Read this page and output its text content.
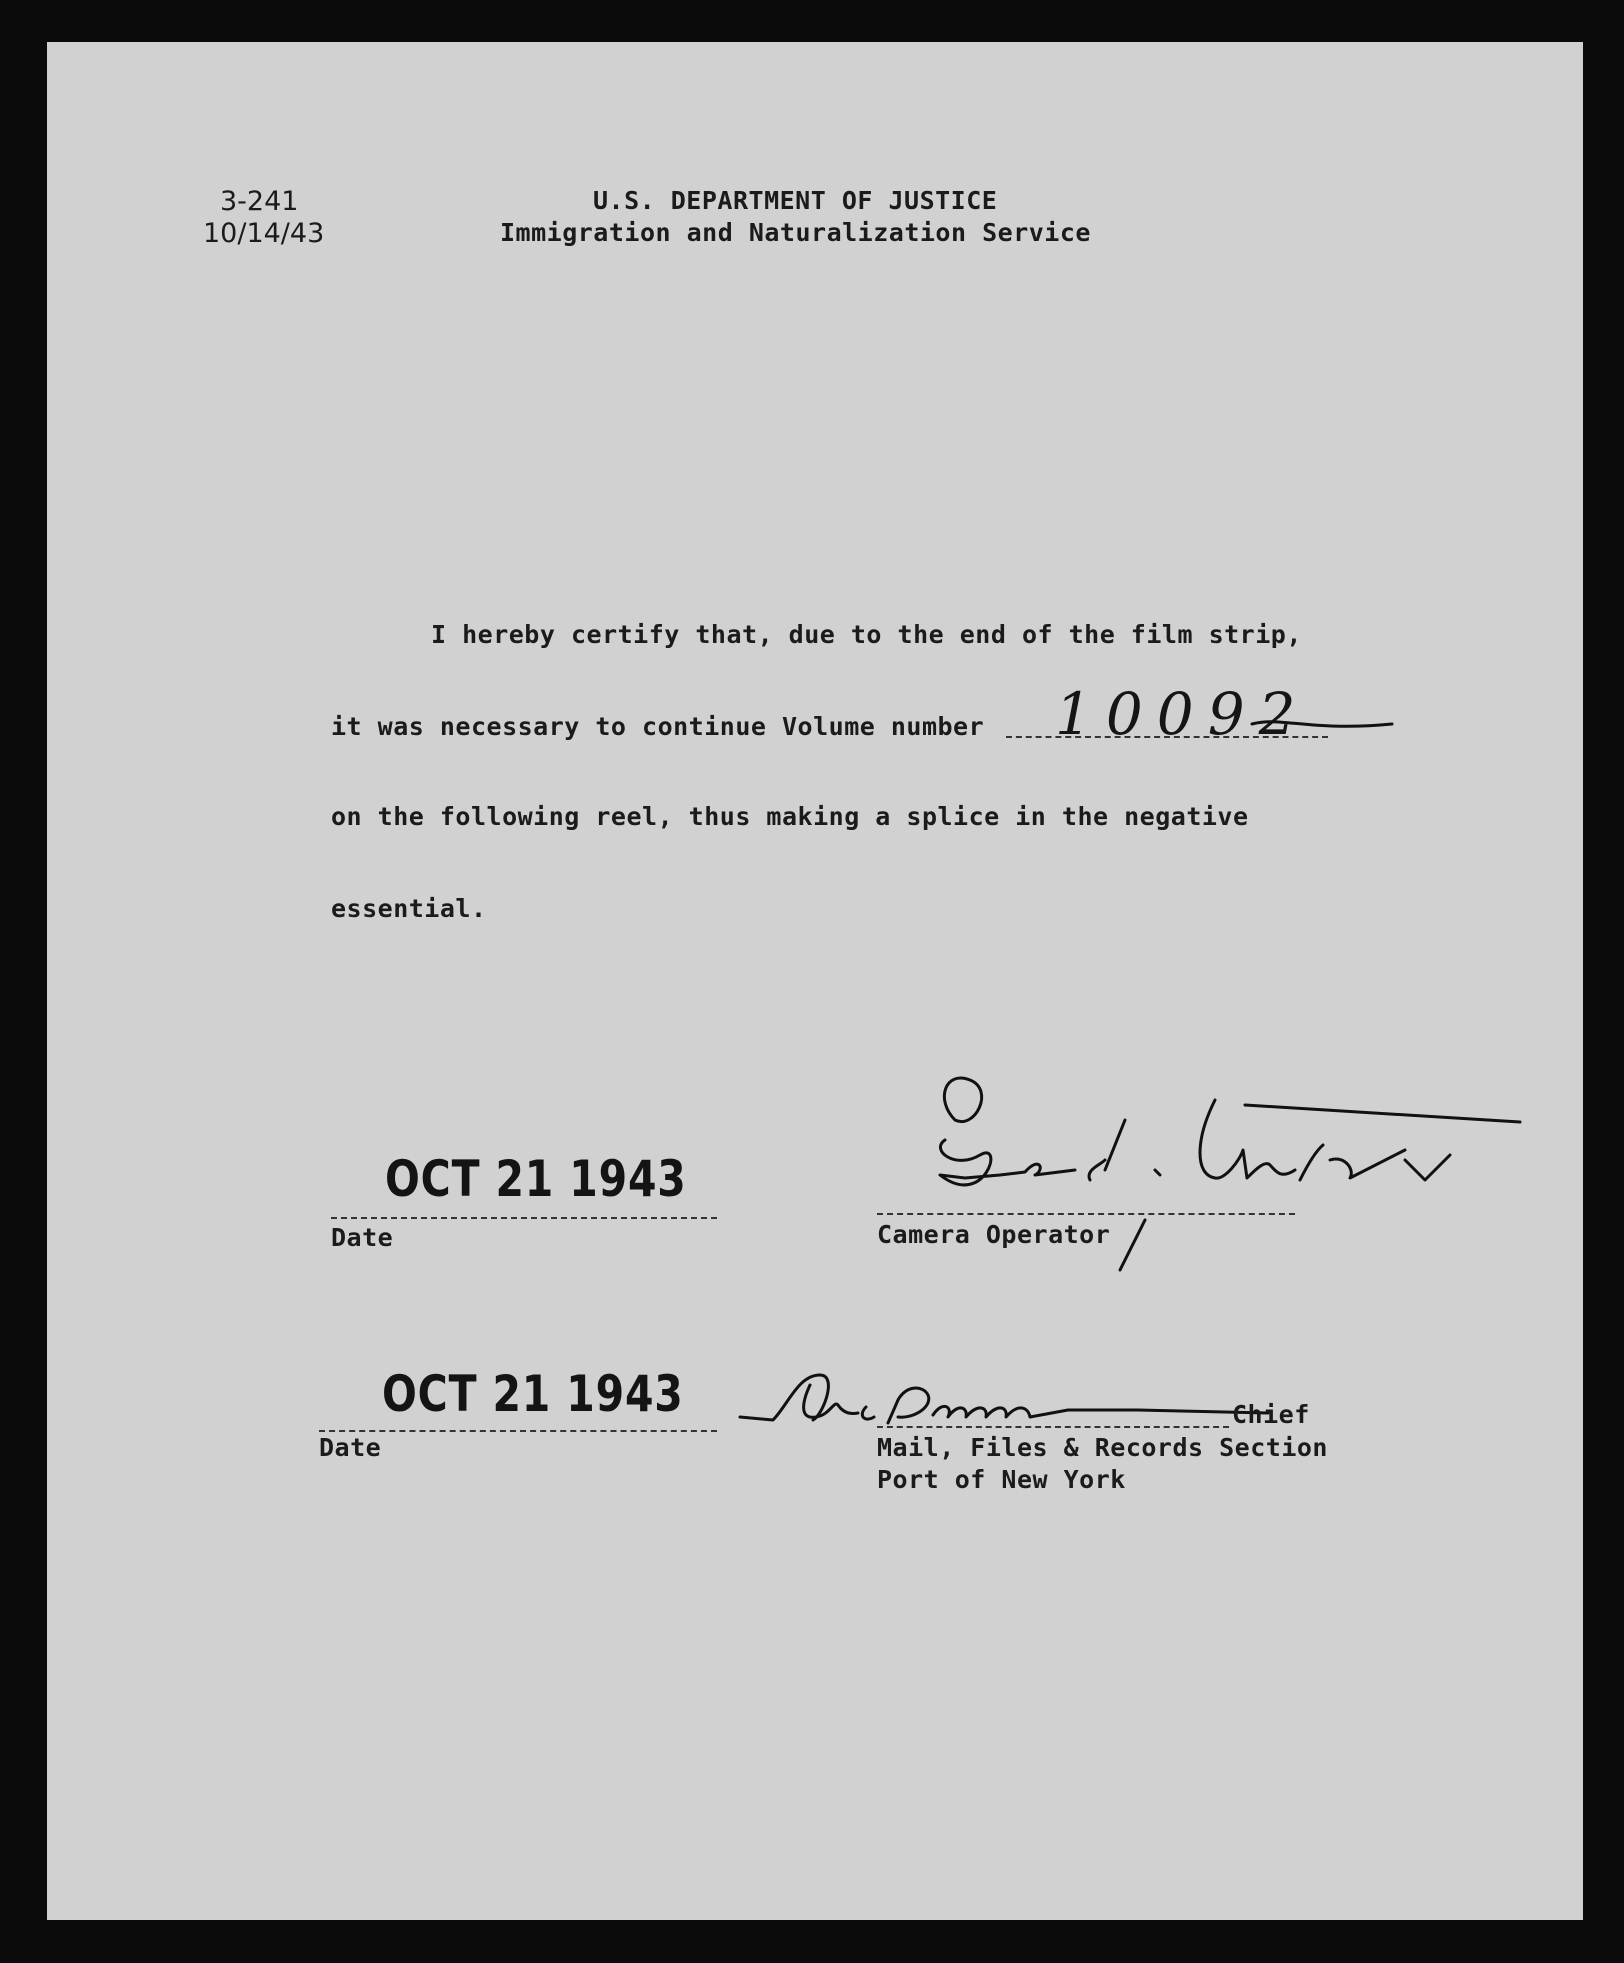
3-241
10/14/43
U.S. DEPARTMENT OF JUSTICE
Immigration and Naturalization Service
I hereby certify that, due to the end of the film strip,
it was necessary to continue Volume number 10092
on the following reel, thus making a splice in the negative
essential.
OCT 21 1943
Date	Camera Operator
OCT 21 1943
Date
Chief
Mail, Files & Records Section
Port of New York
